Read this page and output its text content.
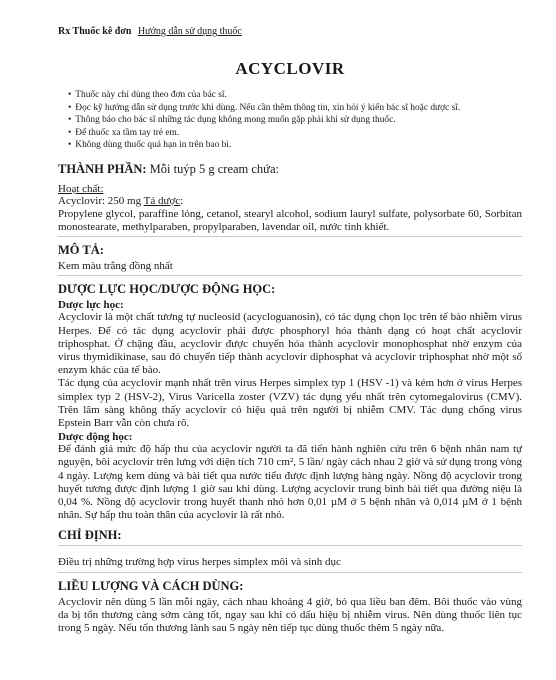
Rx Thuốc kê đơn Hướng dẫn sử dụng thuốc
ACYCLOVIR
• Thuốc này chỉ dùng theo đơn của bác sĩ.
• Đọc kỹ hướng dẫn sử dụng trước khi dùng. Nếu cần thêm thông tin, xin hỏi ý kiến bác sĩ hoặc dược sĩ.
• Thông báo cho bác sĩ những tác dụng không mong muốn gặp phải khi sử dụng thuốc.
• Để thuốc xa tầm tay trẻ em.
• Không dùng thuốc quá hạn in trên bao bì.
THÀNH PHẦN: Mỗi tuýp 5 g cream chứa:
Hoạt chất:

Acyclovir: 250 mg Tá dược:

Propylene glycol, paraffine lỏng, cetanol, stearyl alcohol, sodium lauryl sulfate, polysorbate 60, Sorbitan monostearate, methylparaben, propylparaben, lavendar oil, nước tinh khiết.

MÔ TẢ:

Kem màu trắng đồng nhất

DƯỢC LỰC HỌC/DƯỢC ĐỘNG HỌC:
Dược lực học:

Acyclovir là một chất tương tự nucleosid (acycloguanosin), có tác dụng chọn lọc trên tế bào nhiễm virus Herpes. Để có tác dụng acyclovir phải được phosphoryl hóa thành dạng có hoạt chất acyclovir triphosphat. Ở chặng đầu, acyclovir được chuyển hóa thành acyclovir monophosphat nhờ enzym của virus thymidikinase, sau đó chuyển tiếp thành acyclovir diphosphat và acyclovir triphosphat nhờ một số enzym khác của tế bào.

Tác dụng của acyclovir mạnh nhất trên virus Herpes simplex typ 1 (HSV -1) và kém hơn ở virus Herpes simplex typ 2 (HSV-2), Virus Varicella zoster (VZV) tác dụng yếu nhất trên cytomegalovirus (CMV). Trên lâm sàng không thấy acyclovir có hiệu quả trên người bị nhiễm CMV. Tác dụng chống virus Epstein Barr vẫn còn chưa rõ.

Dược động học:

Để đánh giá mức độ hấp thu của acyclovir người ta đã tiến hành nghiên cứu trên 6 bệnh nhân nam tự nguyện, bôi acyclovir trên lưng với diện tích 710 cm², 5 lần/ ngày cách nhau 2 giờ và sử dụng trong vòng 4 ngày. Lượng kem dùng và bài tiết qua nước tiểu được định lượng hàng ngày. Nồng độ acyclovir trong huyết tương được định lượng 1 giờ sau khi dùng. Lượng acyclovir trung bình bài tiết qua đường niệu là 0,04 %. Nồng độ acyclovir trong huyết thanh nhỏ hơn 0,01 µM ở 5 bệnh nhân và 0,014 µM ở 1 bệnh nhân. Sự hấp thu toàn thân của acyclovir là rất nhỏ.

CHỈ ĐỊNH:

Điều trị những trường hợp virus herpes simplex môi và sinh dục

LIỀU LƯỢNG VÀ CÁCH DÙNG:

Acyclovir nên dùng 5 lần mỗi ngày, cách nhau khoảng 4 giờ, bỏ qua liều ban đêm. Bôi thuốc vào vùng da bị tổn thương càng sớm càng tốt, ngay sau khi có dấu hiệu bị nhiễm virus. Nên dùng thuốc liên tục trong 5 ngày. Nếu tổn thương lành sau 5 ngày nên tiếp tục dùng thuốc thêm 5 ngày nữa.
